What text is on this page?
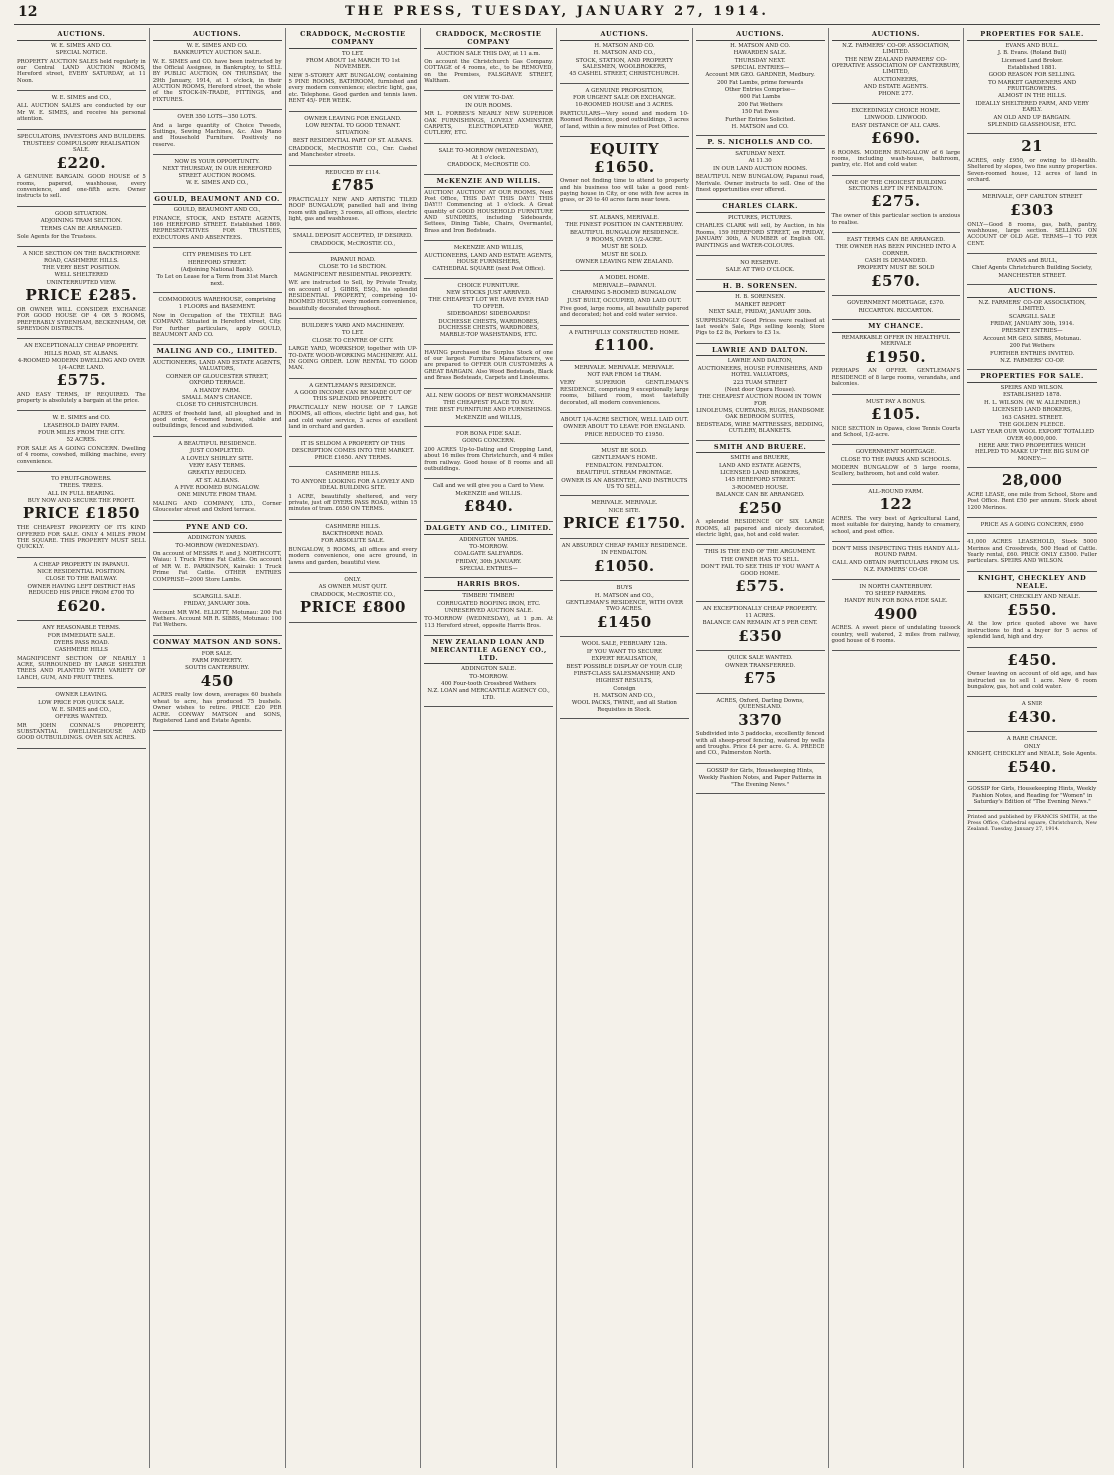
12	THE PRESS, TUESDAY, JANUARY 27, 1914.
AUCTIONS.
W. E. SIMES AND CO.
SPECIAL NOTICE.
PROPERTY AUCTION SALES held regularly in our Central LAND AUCTION ROOMS, Hereford street, EVERY SATURDAY, at 11 Noon.
W. E. SIMES and CO.,
ALL AUCTION SALES are conducted by our Mr W. E. SIMES, and receive his personal attention.
SPECULATORS, INVESTORS AND BUILDERS.
TRUSTEES' COMPULSORY REALISATION SALE.
£220.
A GENUINE BARGAIN. GOOD HOUSE of 5 rooms, papered, washhouse, every convenience, and one-fifth acre. Owner instructs to sell.
GOOD SITUATION.
ADJOINING TRAM SECTION.
TERMS CAN BE ARRANGED.
Sole Agents for the Trustees.
A NICE SECTION ON THE BACKTHORNE ROAD, CASHMERE HILLS.
THE VERY BEST POSITION.
WELL SHELTERED
UNINTERRUPTED VIEW.
PRICE £285.
OR OWNER WILL CONSIDER EXCHANGE FOR GOOD HOUSE OF 4 OR 5 ROOMS, PREFERABLY SYDENHAM, BECKENHAM, OR SPREYDON DISTRICTS.
AN EXCEPTIONALLY CHEAP PROPERTY.
HILLS ROAD, ST. ALBANS.
4-ROOMED MODERN DWELLING AND OVER 1/4-ACRE LAND.
£575.
AND EASY TERMS, IF REQUIRED. The property is absolutely a bargain at the price.
W. E. SIMES and CO.
LEASEHOLD DAIRY FARM.
FOUR MILES FROM THE CITY.
52 ACRES.
FOR SALE AS A GOING CONCERN. Dwelling of 4 rooms, cowshed, milking machine, every convenience.
TO FRUIT-GROWERS.
TREES. TREES.
ALL IN FULL BEARING.
BUY NOW AND SECURE THE PROFIT.
PRICE £1850
THE CHEAPEST PROPERTY OF ITS KIND OFFERED FOR SALE. ONLY 4 MILES FROM THE SQUARE. THIS PROPERTY MUST SELL QUICKLY.
A CHEAP PROPERTY IN PAPANUI.
NICE RESIDENTIAL POSITION.
CLOSE TO THE RAILWAY.
OWNER HAVING LEFT DISTRICT HAS REDUCED HIS PRICE FROM £700 TO
£620.
ANY REASONABLE TERMS.
FOR IMMEDIATE SALE.
DYERS PASS ROAD.
CASHMERE HILLS
MAGNIFICENT SECTION OF NEARLY 1 ACRE, SURROUNDED BY LARGE SHELTER TREES AND PLANTED WITH VARIETY OF LARCH, GUM, AND FRUIT TREES.
OWNER LEAVING.
LOW PRICE FOR QUICK SALE.
W. E. SIMES and CO.,
OFFERS WANTED.
MR JOHN CONNAL'S PROPERTY, SUBSTANTIAL DWELLINGHOUSE AND GOOD OUTBUILDINGS. OVER SIX ACRES.
AUCTIONS.
W. E. SIMES AND CO.
BANKRUPTCY AUCTION SALE.
W. E. SIMES and CO. have been instructed by the Official Assignee, in Bankruptcy, to SELL BY PUBLIC AUCTION, ON THURSDAY, the 29th January, 1914, at 1 o'clock, in their AUCTION ROOMS, Hereford street, the whole of the STOCK-IN-TRADE, FITTINGS, and FIXTURES.
OVER 350 LOTS—350 LOTS.
And a large quantity of Choice Tweeds, Suitings, Sewing Machines, &c. Also Piano and Household Furniture. Positively no reserve.
NOW IS YOUR OPPORTUNITY.
NEXT THURSDAY, IN OUR HEREFORD STREET AUCTION ROOMS.
W. E. SIMES AND CO.,
GOULD, BEAUMONT AND CO.
GOULD, BEAUMONT AND CO.,
FINANCE, STOCK, AND ESTATE AGENTS, 166 HEREFORD STREET. Established 1869. REPRESENTATIVES FOR TRUSTEES, EXECUTORS AND ABSENTEES.
CITY PREMISES TO LET.
HEREFORD STREET.
(Adjoining National Bank).
To Let on Lease for a Term from 31st March next.
COMMODIOUS WAREHOUSE, comprising
1 FLOORS and BASEMENT.
Now in Occupation of the TEXTILE BAG COMPANY. Situated in Hereford street, City. For further particulars, apply GOULD, BEAUMONT AND CO.
MALING AND CO., LIMITED.
AUCTIONEERS, LAND AND ESTATE AGENTS, VALUATORS,
CORNER OF GLOUCESTER STREET, OXFORD TERRACE.
A HANDY FARM.
SMALL MAN'S CHANCE.
CLOSE TO CHRISTCHURCH.
ACRES of freehold land, all ploughed and in good order, 4-roomed house, stable and outbuildings, fenced and subdivided.
A BEAUTIFUL RESIDENCE.
JUST COMPLETED.
A LOVELY SHIRLEY SITE.
VERY EASY TERMS.
GREATLY REDUCED.
AT ST. ALBANS.
A FIVE ROOMED BUNGALOW.
ONE MINUTE FROM TRAM.
MALING AND COMPANY, LTD., Corner Gloucester street and Oxford terrace.
PYNE AND CO.
ADDINGTON YARDS.
TO-MORROW (WEDNESDAY).
On account of MESSRS F. and J. NORTHCOTT, Waiau: 1 Truck Prime Fat Cattle. On account of MR W. E. PARKINSON, Kairaki: 1 Truck Prime Fat Cattle. OTHER ENTRIES COMPRISE—2000 Store Lambs.
SCARGILL SALE.
FRIDAY, JANUARY 30th.
Account MR WM. ELLIOTT, Motunau: 200 Fat Wethers. Account MR R. SIBBS, Motunau: 100 Fat Wethers.
CONWAY MATSON AND SONS.
FOR SALE.
FARM PROPERTY.
SOUTH CANTERBURY.
450
ACRES really low down, averages 60 bushels wheat to acre, has produced 75 bushels. Owner wishes to retire. PRICE £20 PER ACRE. CONWAY MATSON and SONS, Registered Land and Estate Agents.
CRADDOCK, McCROSTIE COMPANY
TO LET.
FROM ABOUT 1st MARCH TO 1st NOVEMBER.
NEW 5-STOREY ART BUNGALOW, containing 5 PINE ROOMS, BATHROOM, furnished and every modern convenience; electric light, gas, etc. Telephone. Good garden and tennis lawn. RENT 45/- PER WEEK.
OWNER LEAVING FOR ENGLAND.
LOW RENTAL TO GOOD TENANT.
SITUATION:
BEST RESIDENTIAL PART OF ST. ALBANS.
CRADDOCK, McCROSTIE CO., Cnr. Cashel and Manchester streets.
REDUCED BY £114.
£785
PRACTICALLY NEW AND ARTISTIC TILED ROOF BUNGALOW, panelled hall and living room with gallery, 3 rooms, all offices, electric light, gas and washhouse.
SMALL DEPOSIT ACCEPTED, IF DESIRED.
CRADDOCK, McCROSTIE CO.,
PAPANUI ROAD.
CLOSE TO 1d SECTION.
MAGNIFICENT RESIDENTIAL PROPERTY.
WE are instructed to Sell, by Private Treaty, on account of J. GIBBS, ESQ., his splendid RESIDENTIAL PROPERTY, comprising 10-ROOMED HOUSE, every modern convenience, beautifully decorated throughout.
BUILDER'S YARD AND MACHINERY.
TO LET.
CLOSE TO CENTRE OF CITY.
LARGE YARD, WORKSHOP, together with UP-TO-DATE WOOD-WORKING MACHINERY. ALL IN GOING ORDER. LOW RENTAL TO GOOD MAN.
A GENTLEMAN'S RESIDENCE.
A GOOD INCOME CAN BE MADE OUT OF THIS SPLENDID PROPERTY.
PRACTICALLY NEW HOUSE OF 7 LARGE ROOMS, all offices, electric light and gas, hot and cold water service, 3 acres of excellent land in orchard and garden.
IT IS SELDOM A PROPERTY OF THIS DESCRIPTION COMES INTO THE MARKET.
PRICE £1650. ANY TERMS.
CASHMERE HILLS.
TO ANYONE LOOKING FOR A LOVELY AND IDEAL BUILDING SITE.
1 ACRE, beautifully sheltered, and very private, just off DYERS PASS ROAD, within 15 minutes of tram. £650 ON TERMS.
CASHMERE HILLS.
BACKTHORNE ROAD.
FOR ABSOLUTE SALE.
BUNGALOW, 5 ROOMS, all offices and every modern convenience, one acre ground, in lawns and garden, beautiful view.
ONLY.
AS OWNER MUST QUIT.
CRADDOCK, McCROSTIE CO.,
PRICE £800
CRADDOCK, McCROSTIE COMPANY
AUCTION SALE THIS DAY, at 11 a.m.
On account the Christchurch Gas Company. COTTAGE of 4 rooms, etc., to be REMOVED, on the Premises, FALSGRAVE STREET, Waltham.
ON VIEW TO-DAY.
IN OUR ROOMS.
MR L. FORBES'S NEARLY NEW SUPERIOR OAK FURNISHINGS, LOVELY AXMINSTER CARPETS, ELECTROPLATED WARE, CUTLERY, ETC.
SALE TO-MORROW (WEDNESDAY),
At 1 o'clock.
CRADDOCK, McCROSTIE CO.
McKENZIE AND WILLIS.
AUCTION! AUCTION! AT OUR ROOMS, Next Post Office, THIS DAY! THIS DAY!! THIS DAY!!! Commencing at 1 o'clock. A Great quantity of GOOD HOUSEHOLD FURNITURE AND SUNDRIES, including Sideboards, Settees, Dining Table, Chairs, Overmantel, Brass and Iron Bedsteads.
McKENZIE AND WILLIS,
AUCTIONEERS, LAND AND ESTATE AGENTS, HOUSE FURNISHERS,
CATHEDRAL SQUARE (next Post Office).
CHOICE FURNITURE.
NEW STOCKS JUST ARRIVED.
THE CHEAPEST LOT WE HAVE EVER HAD TO OFFER.
SIDEBOARDS! SIDEBOARDS!
DUCHESSE CHESTS, WARDROBES, DUCHESSE CHESTS, WARDROBES,
MARBLE-TOP WASHSTANDS, ETC.
HAVING purchased the Surplus Stock of one of our largest Furniture Manufacturers, we are prepared to OFFER OUR CUSTOMERS A GREAT BARGAIN. Also Wood Bedsteads, Black and Brass Bedsteads, Carpets and Linoleums.
ALL NEW GOODS OF BEST WORKMANSHIP.
THE CHEAPEST PLACE TO BUY.
THE BEST FURNITURE AND FURNISHINGS.
McKENZIE and WILLIS,
FOR BONA FIDE SALE.
GOING CONCERN.
200 ACRES Up-to-Dating and Cropping Land, about 16 miles from Christchurch, and 4 miles from railway. Good house of 8 rooms and all outbuildings.
Call and we will give you a Card to View.
McKENZIE and WILLIS.
£840.
DALGETY AND CO., LIMITED.
ADDINGTON YARDS.
TO-MORROW.
COALGATE SALEYARDS.
FRIDAY, 30th JANUARY.
SPECIAL ENTRIES—
HARRIS BROS.
TIMBER! TIMBER!
CORRUGATED ROOFING IRON, ETC.
UNRESERVED AUCTION SALE.
TO-MORROW (WEDNESDAY), at 1 p.m. At 113 Hereford street, opposite Harris Bros.
NEW ZEALAND LOAN AND MERCANTILE AGENCY CO., LTD.
ADDINGTON SALE.
TO-MORROW.
400 Four-tooth Crossbred Wethers
N.Z. LOAN and MERCANTILE AGENCY CO., LTD.
AUCTIONS.
H. MATSON AND CO.
H. MATSON AND CO.,
STOCK, STATION, AND PROPERTY SALESMEN, WOOLBROKERS,
45 CASHEL STREET, CHRISTCHURCH.
A GENUINE PROPOSITION,
FOR URGENT SALE OR EXCHANGE.
10-ROOMED HOUSE and 3 ACRES.
PARTICULARS—Very sound and modern 10-Roomed Residence, good outbuildings, 3 acres of land, within a few minutes of Post Office.
EQUITY £1650.
Owner not finding time to attend to property and his business too will take a good rent-paying house in City, or one with few acres in grass, or 20 to 40 acres farm near town.
ST. ALBANS, MERIVALE.
THE FINEST POSITION IN CANTERBURY.
BEAUTIFUL BUNGALOW RESIDENCE.
9 ROOMS, OVER 1/2-ACRE.
MUST BE SOLD.
MUST BE SOLD.
OWNER LEAVING NEW ZEALAND.
A MODEL HOME.
MERIVALE—PAPANUI.
CHARMING 5-ROOMED BUNGALOW.
JUST BUILT, OCCUPIED, AND LAID OUT.
Five good, large rooms, all beautifully papered and decorated; hot and cold water service.
A FAITHFULLY CONSTRUCTED HOME.
£1100.
MERIVALE. MERIVALE. MERIVALE.
NOT FAR FROM 1d TRAM.
VERY SUPERIOR GENTLEMAN'S RESIDENCE, comprising 9 exceptionally large rooms, billiard room, most tastefully decorated, all modern conveniences.
ABOUT 1/4-ACRE SECTION, WELL LAID OUT.
OWNER ABOUT TO LEAVE FOR ENGLAND.
PRICE REDUCED TO £1950.
MUST BE SOLD.
GENTLEMAN'S HOME.
FENDALTON. FENDALTON.
BEAUTIFUL STREAM FRONTAGE.
OWNER IS AN ABSENTEE, AND INSTRUCTS US TO SELL.
MERIVALE. MERIVALE.
NICE SITE.
PRICE £1750.
AN ABSURDLY CHEAP FAMILY RESIDENCE.
IN FENDALTON.
£1050.
BUYS
H. MATSON and CO.,
GENTLEMAN'S RESIDENCE, WITH OVER TWO ACRES.
£1450
WOOL SALE, FEBRUARY 12th.
IF YOU WANT TO SECURE
EXPERT REALISATION,
BEST POSSIBLE DISPLAY OF YOUR CLIP,
FIRST-CLASS SALESMANSHIP, AND
HIGHEST RESULTS,
Consign
H. MATSON AND CO.,
WOOL PACKS, TWINE, and all Station Requisites in Stock.
AUCTIONS.
H. MATSON AND CO.
HAWARDEN SALE.
THURSDAY NEXT.
SPECIAL ENTRIES—
Account MR GEO. GARDNER, Medbury.
200 Fat Lambs, prime forwards
Other Entries Comprise—
600 Fat Lambs
200 Fat Wethers
150 Fat Ewes
Further Entries Solicited.
H. MATSON and CO.
P. S. NICHOLLS AND CO.
SATURDAY NEXT.
At 11.30
IN OUR LAND AUCTION ROOMS.
BEAUTIFUL NEW BUNGALOW, Papanui road, Merivale. Owner instructs to sell. One of the finest opportunities ever offered.
CHARLES CLARK.
PICTURES, PICTURES.
CHARLES CLARK will sell, by Auction, in his Rooms, 159 HEREFORD STREET, on FRIDAY, JANUARY 30th, A NUMBER of English OIL PAINTINGS and WATER-COLOURS.
NO RESERVE.
SALE AT TWO O'CLOCK.
H. B. SORENSEN.
H. B. SORENSEN.
MARKET REPORT
NEXT SALE, FRIDAY, JANUARY 30th.
SURPRISINGLY Good Prices were realised at last week's Sale, Pigs selling keenly, Store Pigs to £2 8s, Porkers to £3 1s.
LAWRIE AND DALTON.
LAWRIE AND DALTON,
AUCTIONEERS, HOUSE FURNISHERS, AND HOTEL VALUATORS,
223 TUAM STREET
(Next door Opera House).
THE CHEAPEST AUCTION ROOM IN TOWN FOR
LINOLEUMS, CURTAINS, RUGS, HANDSOME OAK BEDROOM SUITES,
BEDSTEADS, WIRE MATTRESSES, BEDDING, CUTLERY, BLANKETS.
SMITH AND BRUERE.
SMITH and BRUERE,
LAND AND ESTATE AGENTS,
LICENSED LAND BROKERS,
145 HEREFORD STREET.
3-ROOMED HOUSE.
BALANCE CAN BE ARRANGED.
£250
A splendid RESIDENCE OF SIX LARGE ROOMS, all papered and nicely decorated, electric light, gas, hot and cold water.
THIS IS THE END OF THE ARGUMENT.
THE OWNER HAS TO SELL.
DON'T FAIL TO SEE THIS IF YOU WANT A GOOD HOME.
£575.
AN EXCEPTIONALLY CHEAP PROPERTY.
11 ACRES.
BALANCE CAN REMAIN AT 5 PER CENT.
£350
QUICK SALE WANTED.
OWNER TRANSFERRED.
£75
ACRES, Oxford, Darling Downs, QUEENSLAND.
3370
Subdivided into 3 paddocks, excellently fenced with all sheep-proof fencing, watered by wells and troughs. Price £4 per acre. G. A. PREECE and CO., Palmerston North.
GOSSIP for Girls, Housekeeping Hints,
Weekly Fashion Notes, and Paper Patterns in "The Evening News."
AUCTIONS.
N.Z. FARMERS' CO-OP. ASSOCIATION, LIMITED.
THE NEW ZEALAND FARMERS' CO-OPERATIVE ASSOCIATION OF CANTERBURY, LIMITED,
AUCTIONEERS,
AND ESTATE AGENTS.
PHONE 277.
EXCEEDINGLY CHOICE HOME.
LINWOOD. LINWOOD.
EASY DISTANCE OF ALL CARS.
£690.
6 ROOMS. MODERN BUNGALOW of 6 large rooms, including wash-house, bathroom, pantry, etc. Hot and cold water.
ONE OF THE CHOICEST BUILDING SECTIONS LEFT IN FENDALTON.
£275.
The owner of this particular section is anxious to realise.
EAST TERMS CAN BE ARRANGED.
THE OWNER HAS BEEN PINCHED INTO A CORNER.
CASH IS DEMANDED.
PROPERTY MUST BE SOLD
£570.
GOVERNMENT MORTGAGE, £370.
RICCARTON. RICCARTON.
MY CHANCE.
REMARKABLE OFFER IN HEALTHFUL MERIVALE
£1950.
PERHAPS AN OFFER. GENTLEMAN'S RESIDENCE of 8 large rooms, verandahs, and balconies.
MUST PAY A BONUS.
£105.
NICE SECTION in Opawa, close Tennis Courts and School, 1/2-acre.
GOVERNMENT MORTGAGE.
CLOSE TO THE PARKS AND SCHOOLS.
MODERN BUNGALOW of 5 large rooms, Scullery, bathroom, hot and cold water.
ALL-ROUND FARM.
122
ACRES. The very best of Agricultural Land, most suitable for dairying, handy to creamery, school, and post office.
DON'T MISS INSPECTING THIS HANDY ALL-ROUND FARM.
CALL AND OBTAIN PARTICULARS FROM US.
N.Z. FARMERS' CO-OP.
IN NORTH CANTERBURY.
TO SHEEP FARMERS.
HANDY RUN FOR BONA FIDE SALE.
4900
ACRES. A sweet piece of undulating tussock country, well watered, 2 miles from railway, good house of 6 rooms.
PROPERTIES FOR SALE.
EVANS AND BULL.
J. B. Evans. (Roland Bull)
Licensed Land Broker.
Established 1881.
GOOD REASON FOR SELLING.
TO MARKET GARDENERS AND FRUITGROWERS.
ALMOST IN THE HILLS.
IDEALLY SHELTERED FARM, AND VERY EARLY.
AN OLD AND UP BARGAIN.
SPLENDID GLASSHOUSE, ETC.
21
ACRES, only £950, or owing to ill-health. Sheltered by slopes, two fine sunny properties. Seven-roomed house, 12 acres of land in orchard.
MERIVALE, OFF CARLTON STREET
£303
ONLY—Good 8 rooms, gas, bath, pantry, washhouse, large section. SELLING ON ACCOUNT OF OLD AGE. TERMS—1 TO PER CENT.
EVANS and BULL,
Chief Agents Christchurch Building Society,
MANCHESTER STREET.
AUCTIONS.
N.Z. FARMERS' CO-OP. ASSOCIATION, LIMITED.
SCARGILL SALE
FRIDAY, JANUARY 30th, 1914.
PRESENT ENTRIES—
Account MR GEO. SIBBS, Motunau.
200 Fat Wethers
FURTHER ENTRIES INVITED.
N.Z. FARMERS' CO-OP.
PROPERTIES FOR SALE.
SPEIRS AND WILSON.
ESTABLISHED 1878.
H. L. WILSON. (W. W. ALLENDER.)
LICENSED LAND BROKERS,
163 CASHEL STREET.
THE GOLDEN FLEECE.
LAST YEAR OUR WOOL EXPORT TOTALLED OVER 40,000,000.
HERE ARE TWO PROPERTIES WHICH HELPED TO MAKE UP THE BIG SUM OF MONEY:—
28,000
ACRE LEASE, one mile from School, Store and Post Office. Rent £50 per annum. Stock about 1200 Merinos.
PRICE AS A GOING CONCERN, £950
41,000 ACRES LEASEHOLD, Stock 5000 Merinos and Crossbreds, 500 Head of Cattle. Yearly rental, £60. PRICE ONLY £3500. Fuller particulars. SPEIRS AND WILSON.
KNIGHT, CHECKLEY AND NEALE.
KNIGHT, CHECKLEY AND NEALE.
£550.
At the low price quoted above we have instructions to find a buyer for 5 acres of splendid land, high and dry.
£450.
Owner leaving on account of old age, and has instructed us to sell 1 acre. New 6 room bungalow, gas, hot and cold water.
A SNIP.
£430.
A RARE CHANCE.
ONLY
KNIGHT, CHECKLEY and NEALE, Sole Agents.
£540.
GOSSIP for Girls, Housekeeping Hints, Weekly Fashion Notes, and Reading for "Women" in Saturday's Edition of "The Evening News."
Printed and published by FRANCIS SMITH, at the Press Office, Cathedral square, Christchurch, New Zealand. Tuesday, January 27, 1914.
